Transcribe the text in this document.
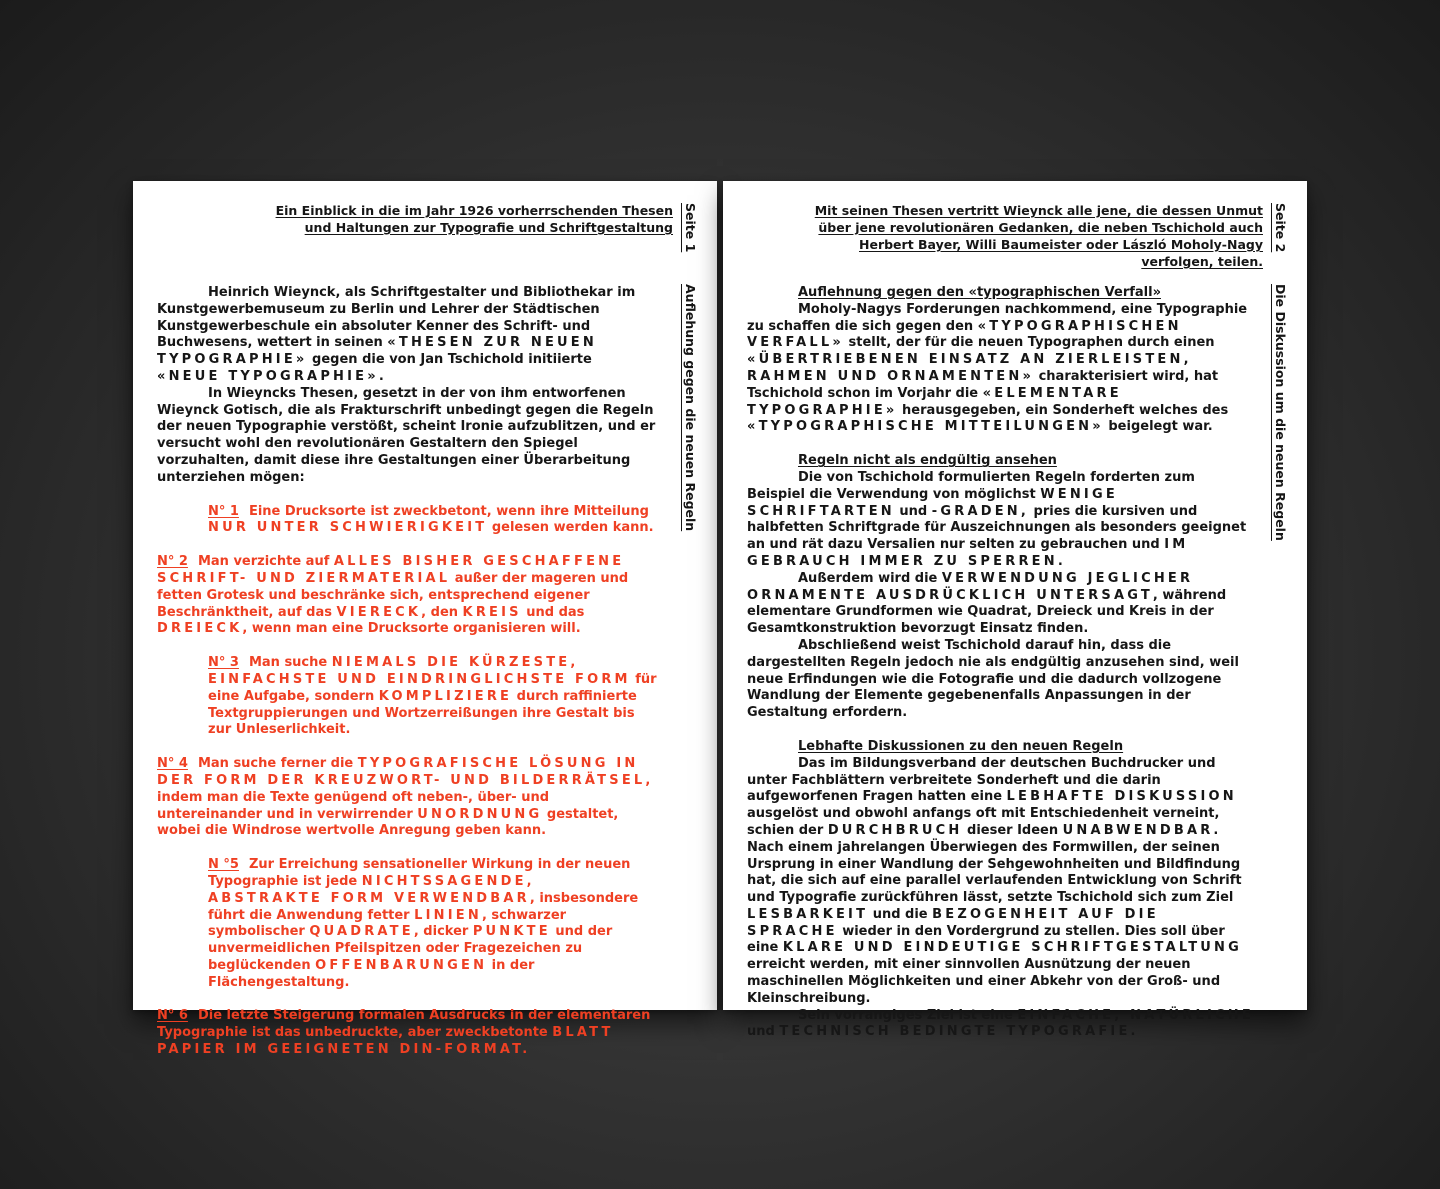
Ein Einblick in die im Jahr 1926 vorherrschenden Thesen und Haltungen zur Typografie und Schriftgestaltung Seite 1
Auflehung gegen die neuen Regeln

Heinrich Wieynck, als Schriftgestalter und Bibliothekar im Kunstgewerbemuseum zu Berlin und Lehrer der Städtischen Kunstgewerbeschule ein absoluter Kenner des Schrift- und Buchwesens, wettert in seinen «THESEN ZUR NEUEN TYPOGRAPHIE» gegen die von Jan Tschichold initiierte «NEUE TYPOGRAPHIE».

In Wieyncks Thesen, gesetzt in der von ihm entworfenen Wieynck Gotisch, die als Frakturschrift unbedingt gegen die Regeln der neuen Typographie verstößt, scheint Ironie aufzublitzen, und er versucht wohl den revolutionären Gestaltern den Spiegel vorzuhalten, damit diese ihre Gestaltungen einer Überarbeitung unterziehen mögen:

N° 1 Eine Drucksorte ist zweckbetont, wenn ihre Mitteilung NUR UNTER SCHWIERIGKEIT gelesen werden kann.

N° 2 Man verzichte auf ALLES BISHER GESCHAFFENE SCHRIFT- UND ZIERMATERIAL außer der mageren und fetten Grotesk und beschränke sich, entsprechend eigener Beschränktheit, auf das VIERECK, den KREIS und das DREIECK, wenn man eine Drucksorte organisieren will.

N° 3 Man suche NIEMALS DIE KÜRZESTE, EINFACHSTE UND EINDRINGLICHSTE FORM für eine Aufgabe, sondern KOMPLIZIERE durch raffinierte Textgruppierungen und Wortzerreißungen ihre Gestalt bis zur Unleserlichkeit.

N° 4 Man suche ferner die TYPOGRAFISCHE LÖSUNG IN DER FORM DER KREUZWORT- UND BILDERRÄTSEL, indem man die Texte genügend oft neben-, über- und untereinander und in verwirrender UNORDNUNG gestaltet, wobei die Windrose wertvolle Anregung geben kann.

N °5 Zur Erreichung sensationeller Wirkung in der neuen Typographie ist jede NICHTSSAGENDE, ABSTRAKTE FORM VERWENDBAR, insbesondere führt die Anwendung fetter LINIEN, schwarzer symbolischer QUADRATE, dicker PUNKTE und der unvermeidlichen Pfeilspitzen oder Fragezeichen zu beglückenden OFFENBARUNGEN in der Flächengestaltung.

N° 6 Die letzte Steigerung formalen Ausdrucks in der elementaren Typographie ist das unbedruckte, aber zweckbetonte BLATT PAPIER IM GEEIGNETEN DIN-FORMAT.

Mit seinen Thesen vertritt Wieynck alle jene, die dessen Unmut über jene revolutionären Gedanken, die neben Tschichold auch Herbert Bayer, Willi Baumeister oder László Moholy-Nagy verfolgen, teilen.
Seite 2
Die Diskussion um die neuen Regeln

Auflehnung gegen den «typographischen Verfall»

Moholy-Nagys Forderungen nachkommend, eine Typographie zu schaffen die sich gegen den «TYPOGRAPHISCHEN VERFALL» stellt, der für die neuen Typographen durch einen «ÜBERTRIEBENEN EINSATZ AN ZIERLEISTEN, RAHMEN UND ORNAMENTEN» charakterisiert wird, hat Tschichold schon im Vorjahr die «ELEMENTARE TYPOGRAPHIE» herausgegeben, ein Sonderheft welches des «TYPOGRAPHISCHE MITTEILUNGEN» beigelegt war.

Regeln nicht als endgültig ansehen

Die von Tschichold formulierten Regeln forderten zum Beispiel die Verwendung von möglichst WENIGE SCHRIFTARTEN und -GRADEN, pries die kursiven und halbfetten Schriftgrade für Auszeichnungen als besonders geeignet an und rät dazu Versalien nur selten zu gebrauchen und IM GEBRAUCH IMMER ZU SPERREN.

Außerdem wird die VERWENDUNG JEGLICHER ORNAMENTE AUSDRÜCKLICH UNTERSAGT, während elementare Grundformen wie Quadrat, Dreieck und Kreis in der Gesamtkonstruktion bevorzugt Einsatz finden.

Abschließend weist Tschichold darauf hin, dass die dargestellten Regeln jedoch nie als endgültig anzusehen sind, weil neue Erfindungen wie die Fotografie und die dadurch vollzogene Wandlung der Elemente gegebenenfalls Anpassungen in der Gestaltung erfordern.

Lebhafte Diskussionen zu den neuen Regeln

Das im Bildungsverband der deutschen Buchdrucker und unter Fachblättern verbreitete Sonderheft und die darin aufgeworfenen Fragen hatten eine LEBHAFTE DISKUSSION ausgelöst und obwohl anfangs oft mit Entschiedenheit verneint, schien der DURCHBRUCH dieser Ideen UNABWENDBAR. Nach einem jahrelangen Überwiegen des Formwillen, der seinen Ursprung in einer Wandlung der Sehgewohnheiten und Bildfindung hat, die sich auf eine parallel verlaufenden Entwicklung von Schrift und Typografie zurückführen lässt, setzte Tschichold sich zum Ziel LESBARKEIT und die BEZOGENHEIT AUF DIE SPRACHE wieder in den Vordergrund zu stellen. Dies soll über eine KLARE UND EINDEUTIGE SCHRIFTGESTALTUNG erreicht werden, mit einer sinnvollen Ausnützung der neuen maschinellen Möglichkeiten und einer Abkehr von der Groß- und Kleinschreibung.

Sein vorrangiges Ziel ist eine EINFACHE, NATÜRLICHE und TECHNISCH BEDINGTE TYPOGRAFIE.
